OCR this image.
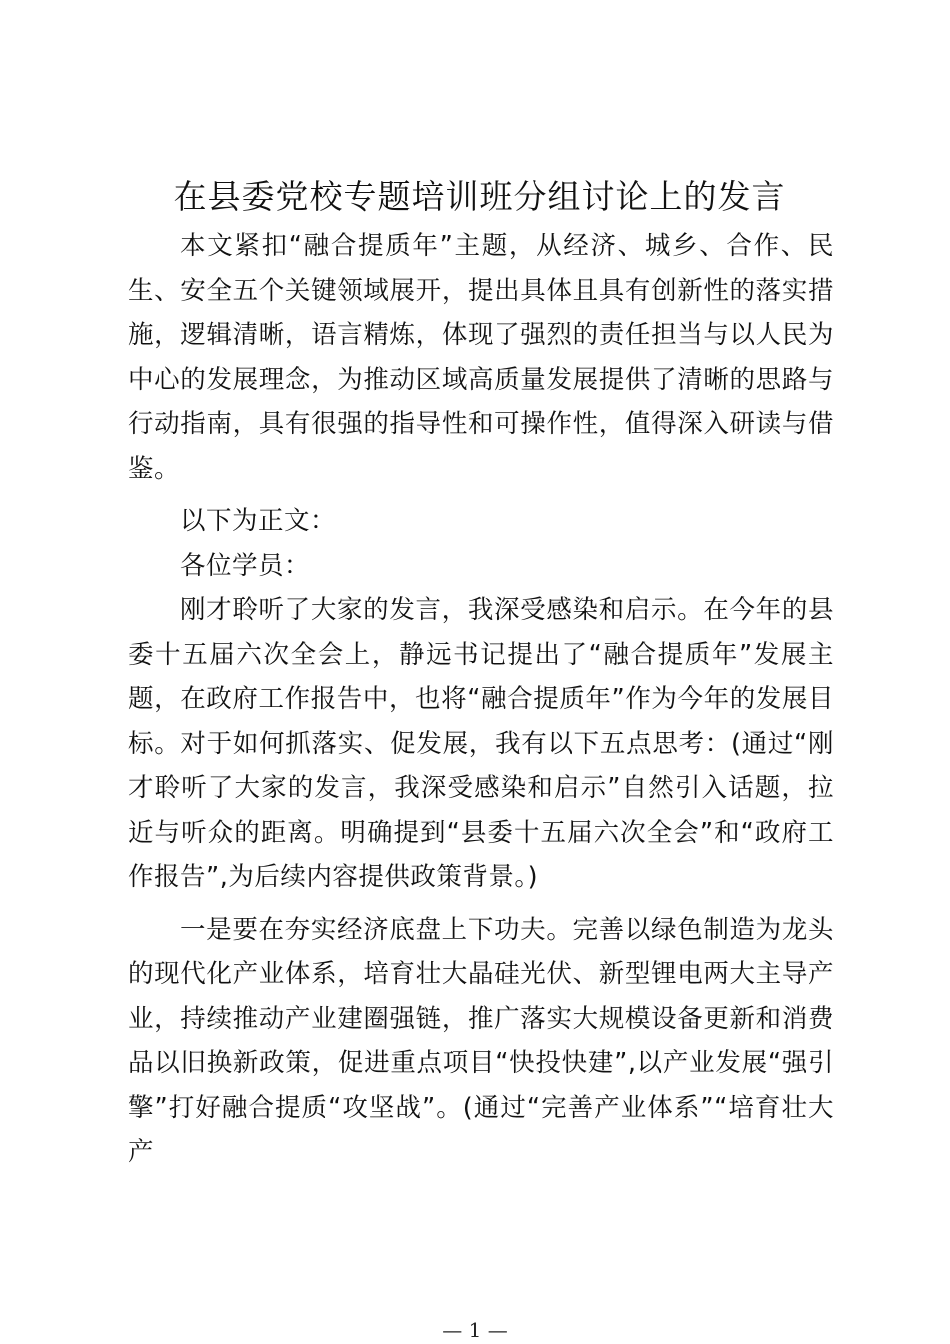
在县委党校专题培训班分组讨论上的发言

本文紧扣“融合提质年”主题，从经济、城乡、合作、民生、安全五个关键领域展开，提出具体且具有创新性的落实措施，逻辑清晰，语言精炼，体现了强烈的责任担当与以人民为中心的发展理念，为推动区域高质量发展提供了清晰的思路与行动指南，具有很强的指导性和可操作性，值得深入研读与借鉴。

以下为正文：

各位学员：

刚才聆听了大家的发言，我深受感染和启示。在今年的县委十五届六次全会上，静远书记提出了“融合提质年”发展主题，在政府工作报告中，也将“融合提质年”作为今年的发展目标。对于如何抓落实、促发展，我有以下五点思考：(通过“刚才聆听了大家的发言，我深受感染和启示”自然引入话题，拉近与听众的距离。明确提到“县委十五届六次全会”和“政府工作报告”,为后续内容提供政策背景。)

一是要在夯实经济底盘上下功夫。完善以绿色制造为龙头的现代化产业体系，培育壮大晶硅光伏、新型锂电两大主导产业，持续推动产业建圈强链，推广落实大规模设备更新和消费品以旧换新政策，促进重点项目“快投快建”,以产业发展“强引擎”打好融合提质“攻坚战”。(通过“完善产业体系”“培育壮大产

— 1 —
